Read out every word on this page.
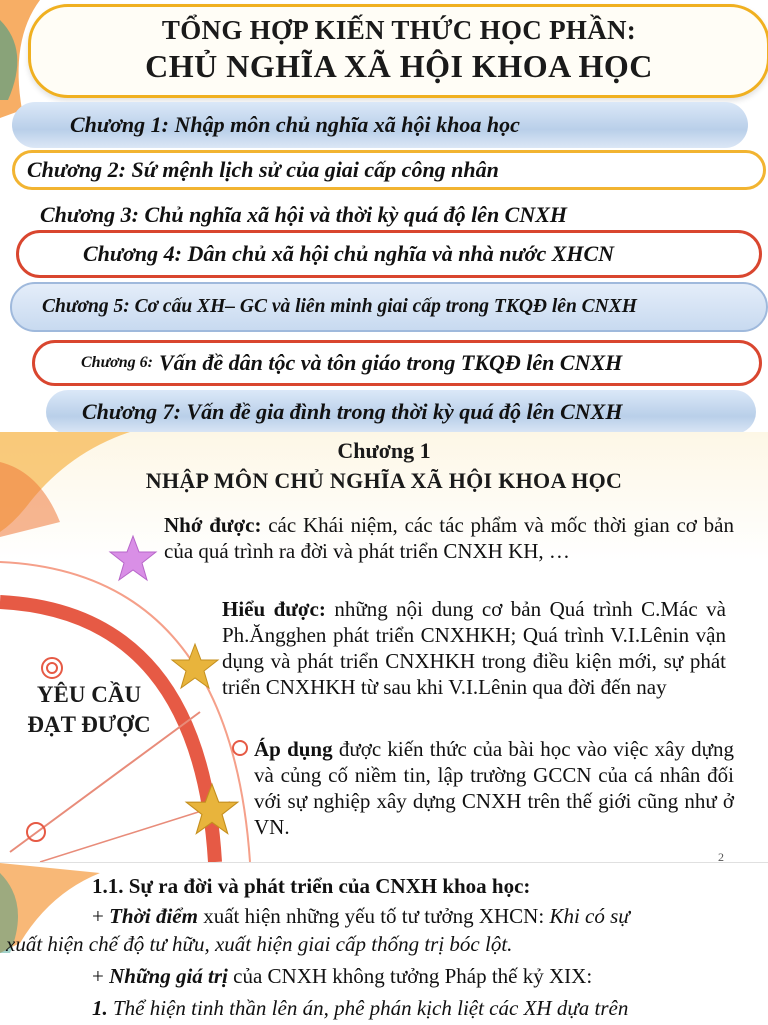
TỔNG HỢP KIẾN THỨC HỌC PHẦN:
CHỦ NGHĨA XÃ HỘI KHOA HỌC
Chương 1: Nhập môn chủ nghĩa xã hội khoa học
Chương 2: Sứ mệnh lịch sử của giai cấp công nhân
Chương 3: Chủ nghĩa xã hội và thời kỳ quá độ lên CNXH
Chương 4: Dân chủ xã hội chủ nghĩa và nhà nước XHCN
Chương 5: Cơ cấu XH– GC và liên minh giai cấp trong TKQĐ lên CNXH
Chương 6: Vấn đề dân tộc và tôn giáo trong TKQĐ lên CNXH
Chương 7: Vấn đề gia đình trong thời kỳ quá độ lên CNXH
Chương 1
NHẬP MÔN CHỦ NGHĨA XÃ HỘI KHOA HỌC
Nhớ được: các Khái niệm, các tác phẩm và mốc thời gian cơ bản của quá trình ra đời và phát triển CNXH KH, …
Hiểu được: những nội dung cơ bản Quá trình C.Mác và Ph.Ăngghen phát triển CNXHKH; Quá trình V.I.Lênin vận dụng và phát triển CNXHKH trong điều kiện mới, sự phát triển CNXHKH từ sau khi V.I.Lênin qua đời đến nay
Áp dụng được kiến thức của bài học vào việc xây dựng và củng cố niềm tin, lập trường GCCN của cá nhân đối với sự nghiệp xây dựng CNXH trên thế giới cũng như ở VN.
YÊU CẦU
ĐẠT ĐƯỢC
2
1.1. Sự ra đời và phát triển của CNXH khoa học:
+ Thời điểm xuất hiện những yếu tố tư tưởng XHCN: Khi có sự
xuất hiện chế độ tư hữu, xuất hiện giai cấp thống trị bóc lột.
+ Những giá trị của CNXH không tưởng Pháp thế kỷ XIX:
1. Thể hiện tinh thần lên án, phê phán kịch liệt các XH dựa trên
